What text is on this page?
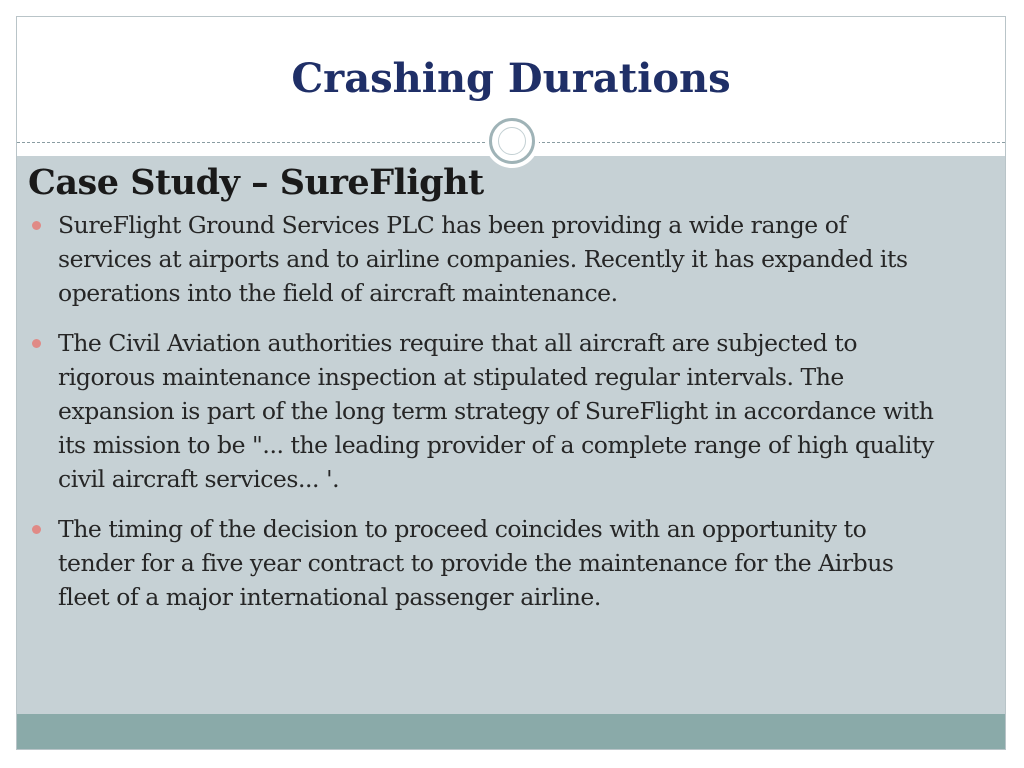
Crashing Durations
Case Study – SureFlight
SureFlight Ground Services PLC has been providing a wide range of services at airports and to airline companies. Recently it has expanded its operations into the field of aircraft maintenance.
The Civil Aviation authorities require that all aircraft are subjected to rigorous maintenance inspection at stipulated regular intervals. The expansion is part of the long term strategy of SureFlight in accordance with its mission to be "... the leading provider of a complete range of high quality civil aircraft services... '.
The timing of the decision to proceed coincides with an opportunity to tender for a five year contract to provide the maintenance for the Airbus fleet of a major international passenger airline.
